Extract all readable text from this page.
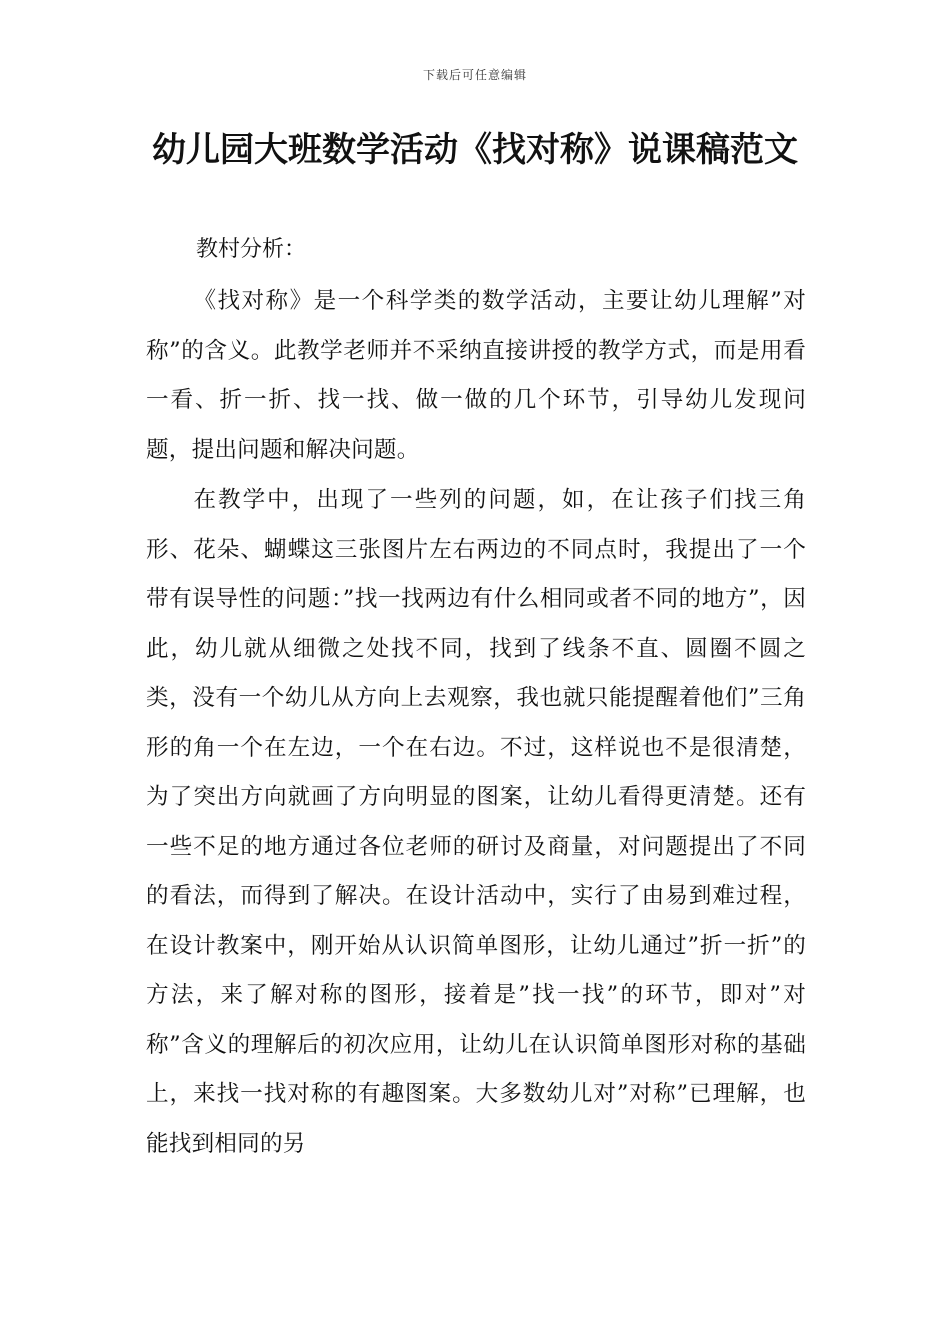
下载后可任意编辑
幼儿园大班数学活动《找对称》说课稿范文

教村分析：

《找对称》是一个科学类的数学活动，主要让幼儿理解”对称”的含义。此教学老师并不采纳直接讲授的教学方式，而是用看一看、折一折、找一找、做一做的几个环节，引导幼儿发现问题，提出问题和解决问题。

在教学中，出现了一些列的问题，如，在让孩子们找三角形、花朵、蝴蝶这三张图片左右两边的不同点时，我提出了一个带有误导性的问题：”找一找两边有什么相同或者不同的地方”，因此，幼儿就从细微之处找不同，找到了线条不直、圆圈不圆之类，没有一个幼儿从方向上去观察，我也就只能提醒着他们”三角形的角一个在左边，一个在右边。不过，这样说也不是很清楚，为了突出方向就画了方向明显的图案，让幼儿看得更清楚。还有一些不足的地方通过各位老师的研讨及商量，对问题提出了不同的看法，而得到了解决。在设计活动中，实行了由易到难过程，在设计教案中，刚开始从认识简单图形，让幼儿通过”折一折”的方法，来了解对称的图形，接着是”找一找”的环节，即对”对称”含义的理解后的初次应用，让幼儿在认识简单图形对称的基础上，来找一找对称的有趣图案。大多数幼儿对”对称”已理解，也能找到相同的另
